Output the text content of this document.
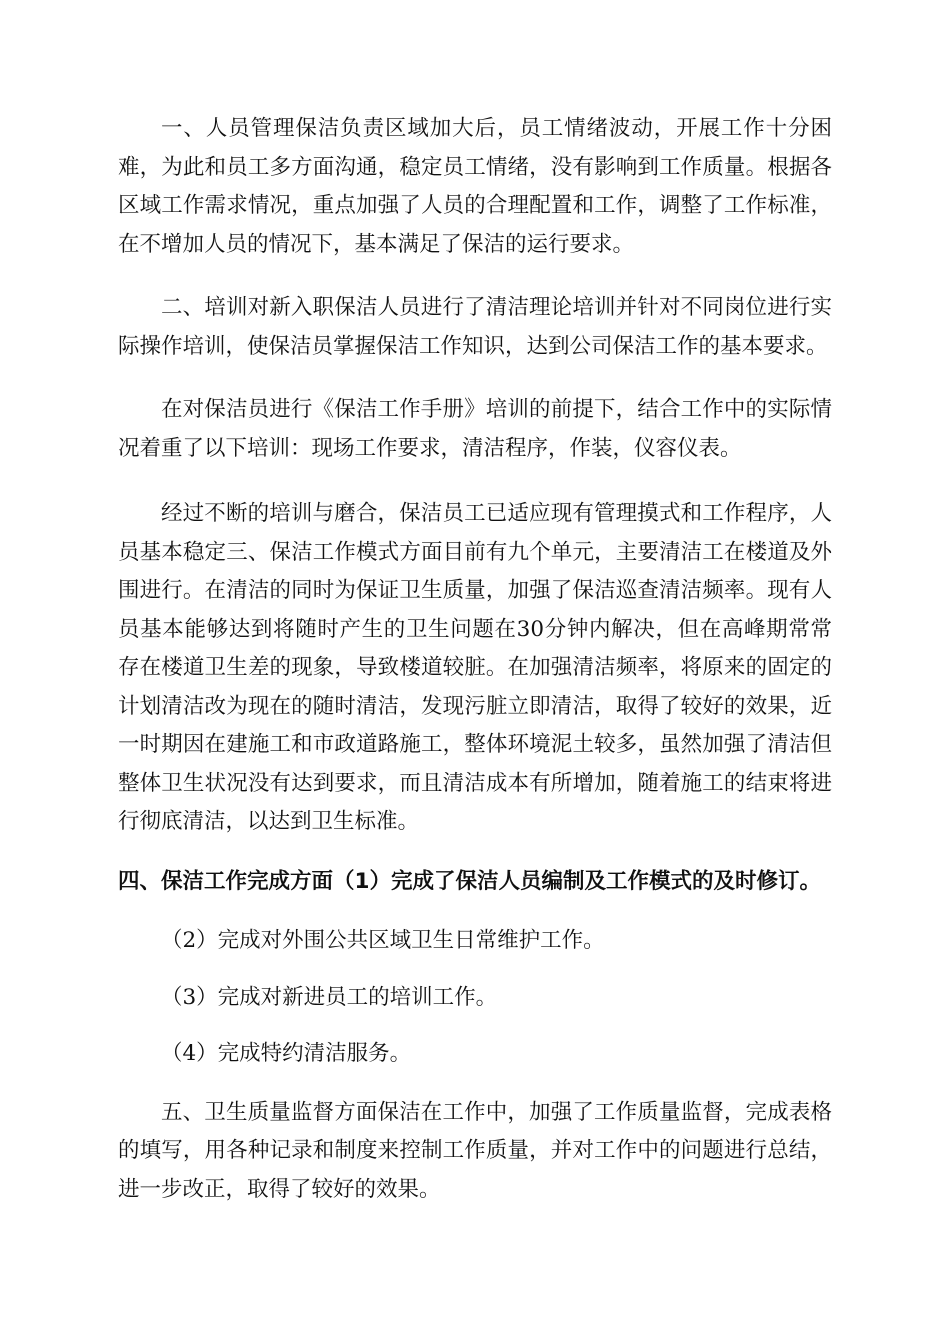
一、人员管理保洁负责区域加大后，员工情绪波动，开展工作十分困难，为此和员工多方面沟通，稳定员工情绪，没有影响到工作质量。根据各区域工作需求情况，重点加强了人员的合理配置和工作，调整了工作标准，在不增加人员的情况下，基本满足了保洁的运行要求。

二、培训对新入职保洁人员进行了清洁理论培训并针对不同岗位进行实际操作培训，使保洁员掌握保洁工作知识，达到公司保洁工作的基本要求。

在对保洁员进行《保洁工作手册》培训的前提下，结合工作中的实际情况着重了以下培训：现场工作要求，清洁程序，作装，仪容仪表。

经过不断的培训与磨合，保洁员工已适应现有管理摸式和工作程序，人员基本稳定三、保洁工作模式方面目前有九个单元，主要清洁工在楼道及外围进行。在清洁的同时为保证卫生质量，加强了保洁巡查清洁频率。现有人员基本能够达到将随时产生的卫生问题在30分钟内解决，但在高峰期常常存在楼道卫生差的现象，导致楼道较脏。在加强清洁频率，将原来的固定的计划清洁改为现在的随时清洁，发现污脏立即清洁，取得了较好的效果，近一时期因在建施工和市政道路施工，整体环境泥土较多，虽然加强了清洁但整体卫生状况没有达到要求，而且清洁成本有所增加，随着施工的结束将进行彻底清洁，以达到卫生标准。

四、保洁工作完成方面（1）完成了保洁人员编制及工作模式的及时修订。

（2）完成对外围公共区域卫生日常维护工作。

（3）完成对新进员工的培训工作。

（4）完成特约清洁服务。

五、卫生质量监督方面保洁在工作中，加强了工作质量监督，完成表格的填写，用各种记录和制度来控制工作质量，并对工作中的问题进行总结，进一步改正，取得了较好的效果。
